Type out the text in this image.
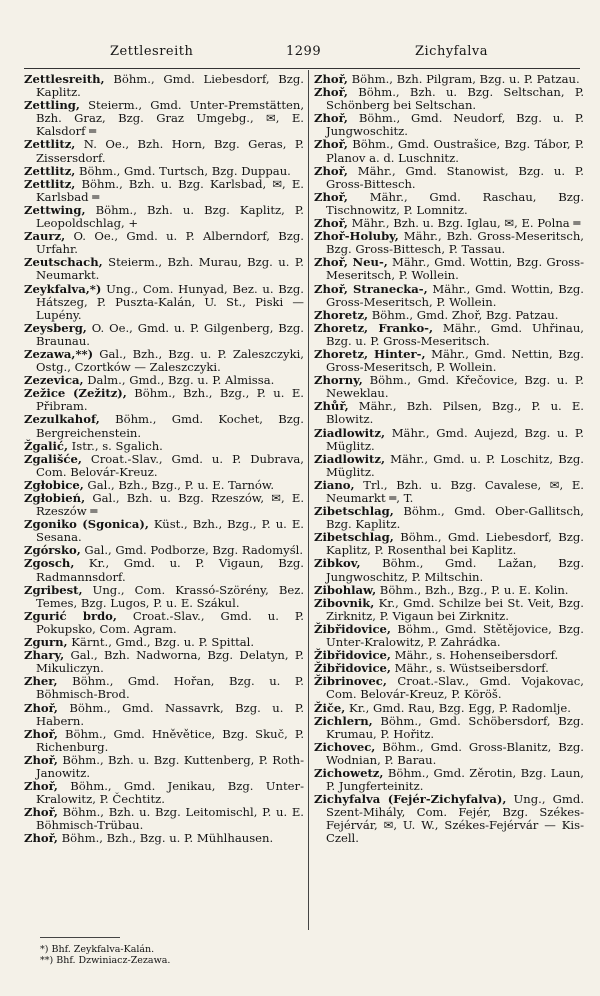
Zettlesreith	1299	Zichyfalva
Zettlesreith, Böhm., Gmd. Liebesdorf, Bzg. Kaplitz.
Zettling, Steierm., Gmd. Unter-Premstätten, Bzh. Graz, Bzg. Graz Umgebg., ✉, E. Kalsdorf ═
Zettlitz, N. Oe., Bzh. Horn, Bzg. Geras, P. Zissersdorf.
Zettlitz, Böhm., Gmd. Turtsch, Bzg. Duppau.
Zettlitz, Böhm., Bzh. u. Bzg. Karlsbad, ✉, E. Karlsbad ═
Zettwing, Böhm., Bzh. u. Bzg. Kaplitz, P. Leopoldschlag, +
Zaurz, O. Oe., Gmd. u. P. Alberndorf, Bzg. Urfahr.
Zeutschach, Steierm., Bzh. Murau, Bzg. u. P. Neumarkt.
Zeykfalva,*) Ung., Com. Hunyad, Bez. u. Bzg. Hátszeg, P. Puszta-Kalán, U. St., Piski — Lupény.
Zeysberg, O. Oe., Gmd. u. P. Gilgenberg, Bzg. Braunau.
Zezawa,**) Gal., Bzh., Bzg. u. P. Zaleszczyki, Ostg., Czortków — Zaleszczyki.
Zezevica, Dalm., Gmd., Bzg. u. P. Almissa.
Zežice (Zežitz), Böhm., Bzh., Bzg., P. u. E. Přibram.
Zezulkahof, Böhm., Gmd. Kochet, Bzg. Bergreichenstein.
Žgalić, Istr., s. Sgalich.
Zgališće, Croat.-Slav., Gmd. u. P. Dubrava, Com. Belovár-Kreuz.
Zgłobice, Gal., Bzh., Bzg., P. u. E. Tarnów.
Zgłobień, Gal., Bzh. u. Bzg. Rzeszów, ✉, E. Rzeszów ═
Zgoniko (Sgonica), Küst., Bzh., Bzg., P. u. E. Sesana.
Zgórsko, Gal., Gmd. Podborze, Bzg. Radomyśl.
Zgosch, Kr., Gmd. u. P. Vigaun, Bzg. Radmannsdorf.
Zgribest, Ung., Com. Krassó-Szörény, Bez. Temes, Bzg. Lugos, P. u. E. Szákul.
Zgurić brdo, Croat.-Slav., Gmd. u. P. Pokupsko, Com. Agram.
Zgurn, Kärnt., Gmd., Bzg. u. P. Spittal.
Zhary, Gal., Bzh. Nadworna, Bzg. Delatyn, P. Mikuliczyn.
Zher, Böhm., Gmd. Hořan, Bzg. u. P. Böhmisch-Brod.
Zhoř, Böhm., Gmd. Nassavrk, Bzg. u. P. Habern.
Zhoř, Böhm., Gmd. Hněvětice, Bzg. Skuč, P. Richenburg.
Zhoř, Böhm., Bzh. u. Bzg. Kuttenberg, P. Roth-Janowitz.
Zhoř, Böhm., Gmd. Jenikau, Bzg. Unter-Kralowitz, P. Čechtitz.
Zhoř, Böhm., Bzh. u. Bzg. Leitomischl, P. u. E. Böhmisch-Trübau.
Zhoř, Böhm., Bzh., Bzg. u. P. Mühlhausen.
Zhoř, Böhm., Bzh. Pilgram, Bzg. u. P. Patzau.
Zhoř, Böhm., Bzh. u. Bzg. Seltschan, P. Schönberg bei Seltschan.
Zhoř, Böhm., Gmd. Neudorf, Bzg. u. P. Jungwoschitz.
Zhoř, Böhm., Gmd. Oustrašice, Bzg. Tábor, P. Planov a. d. Luschnitz.
Zhoř, Mähr., Gmd. Stanowist, Bzg. u. P. Gross-Bittesch.
Zhoř, Mähr., Gmd. Raschau, Bzg. Tischnowitz, P. Lomnitz.
Zhoř, Mähr., Bzh. u. Bzg. Iglau, ✉, E. Polna ═
Zhoř-Holuby, Mähr., Bzh. Gross-Meseritsch, Bzg. Gross-Bittesch, P. Tassau.
Zhoř, Neu-, Mähr., Gmd. Wottin, Bzg. Gross-Meseritsch, P. Wollein.
Zhoř, Stranecka-, Mähr., Gmd. Wottin, Bzg. Gross-Meseritsch, P. Wollein.
Zhoretz, Böhm., Gmd. Zhoř, Bzg. Patzau.
Zhoretz, Franko-, Mähr., Gmd. Uhřinau, Bzg. u. P. Gross-Meseritsch.
Zhoretz, Hinter-, Mähr., Gmd. Nettin, Bzg. Gross-Meseritsch, P. Wollein.
Zhorny, Böhm., Gmd. Křečovice, Bzg. u. P. Neweklau.
Zhůř, Mähr., Bzh. Pilsen, Bzg., P. u. E. Blowitz.
Ziadlowitz, Mähr., Gmd. Aujezd, Bzg. u. P. Müglitz.
Ziadlowitz, Mähr., Gmd. u. P. Loschitz, Bzg. Müglitz.
Ziano, Trl., Bzh. u. Bzg. Cavalese, ✉, E. Neumarkt ═, T.
Zibetschlag, Böhm., Gmd. Ober-Gallitsch, Bzg. Kaplitz.
Zibetschlag, Böhm., Gmd. Liebesdorf, Bzg. Kaplitz, P. Rosenthal bei Kaplitz.
Zibkov, Böhm., Gmd. Lažan, Bzg. Jungwoschitz, P. Miltschin.
Zibohlaw, Böhm., Bzh., Bzg., P. u. E. Kolin.
Zibovnik, Kr., Gmd. Schilze bei St. Veit, Bzg. Zirknitz, P. Vigaun bei Zirknitz.
Žibřidovice, Böhm., Gmd. Stětějovice, Bzg. Unter-Kralowitz, P. Zahrádka.
Žibřidovice, Mähr., s. Hohenseibersdorf.
Žibřidovice, Mähr., s. Wüstseibersdorf.
Žibrinovec, Croat.-Slav., Gmd. Vojakovac, Com. Belovár-Kreuz, P. Köröš.
Žiče, Kr., Gmd. Rau, Bzg. Egg, P. Radomlje.
Zichlern, Böhm., Gmd. Schöbersdorf, Bzg. Krumau, P. Hořitz.
Zichovec, Böhm., Gmd. Gross-Blanitz, Bzg. Wodnian, P. Barau.
Zichowetz, Böhm., Gmd. Zěrotin, Bzg. Laun, P. Jungferteinitz.
Zichyfalva (Fejér-Zichyfalva), Ung., Gmd. Szent-Mihály, Com. Fejér, Bzg. Székes-Fejérvár, ✉, U. W., Székes-Fejérvár — Kis-Czell.
*) Bhf. Zeykfalva-Kalán.
**) Bhf. Dzwiniacz-Zezawa.
